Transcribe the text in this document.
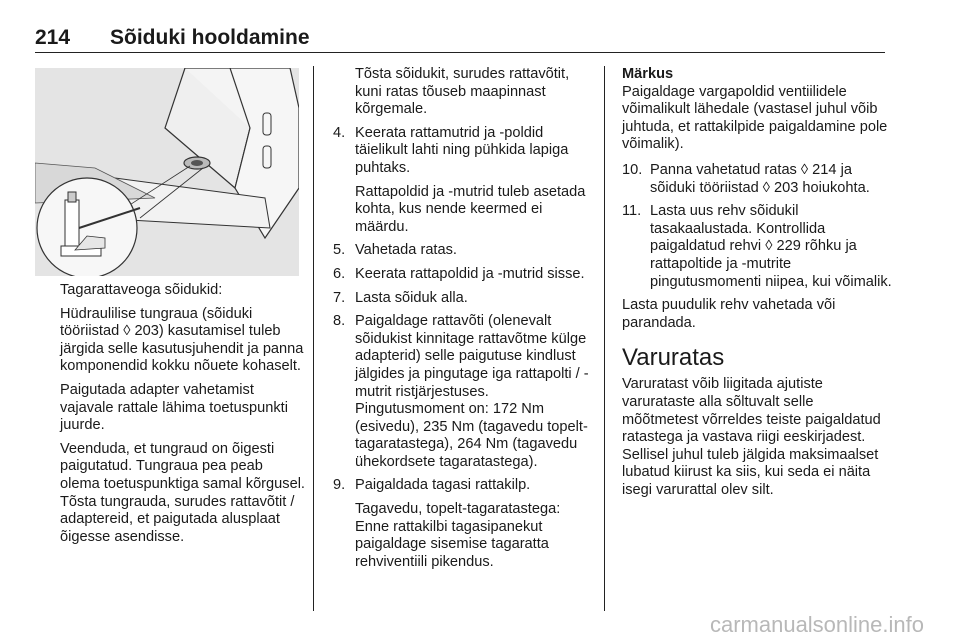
214 Sõiduki hooldamine

Tagarattaveoga sõidukid:

Hüdraulilise tungraua (sõiduki tööriistad ◊ 203) kasutamisel tuleb järgida selle kasutusjuhendit ja panna komponendid kokku nõuete kohaselt.

Paigutada adapter vahetamist vajavale rattale lähima toetuspunkti juurde.

Veenduda, et tungraud on õigesti paigutatud. Tungraua pea peab olema toetuspunktiga samal kõrgusel. Tõsta tungrauda, surudes rattavõtit / adaptereid, et paigutada alusplaat õigesse asendisse.

Tõsta sõidukit, surudes rattavõtit, kuni ratas tõuseb maapinnast kõrgemale.

4. Keerata rattamutrid ja -poldid täielikult lahti ning pühkida lapiga puhtaks.

Rattapoldid ja -mutrid tuleb asetada kohta, kus nende keermed ei määrdu.

5. Vahetada ratas.
6. Keerata rattapoldid ja -mutrid sisse.
7. Lasta sõiduk alla.
8. Paigaldage rattavõti (olenevalt sõidukist kinnitage rattavõtme külge adapterid) selle paigutuse kindlust jälgides ja pingutage iga rattapolti / -mutrit ristjärjestuses. Pingutusmoment on: 172 Nm (esivedu), 235 Nm (tagavedu topelt-tagaratastega), 264 Nm (tagavedu ühekordsete tagaratastega).
9. Paigaldada tagasi rattakilp.

Tagavedu, topelt-tagaratastega: Enne rattakilbi tagasipanekut paigaldage sisemise tagaratta rehviventiili pikendus.

Märkus
Paigaldage vargapoldid ventiilidele võimalikult lähedale (vastasel juhul võib juhtuda, et rattakilpide paigaldamine pole võimalik).
10. Panna vahetatud ratas ◊ 214 ja sõiduki tööriistad ◊ 203 hoiukohta.
11. Lasta uus rehv sõidukil tasakaalustada. Kontrollida paigaldatud rehvi ◊ 229 rõhku ja rattapoltide ja -mutrite pingutusmomenti niipea, kui võimalik.

Lasta puudulik rehv vahetada või parandada.

Varuratas

Varuratast võib liigitada ajutiste varurataste alla sõltuvalt selle mõõtmetest võrreldes teiste paigaldatud ratastega ja vastava riigi eeskirjadest. Sellisel juhul tuleb jälgida maksimaalset lubatud kiirust ka siis, kui seda ei näita isegi varurattal olev silt.

carmanualsonline.info
